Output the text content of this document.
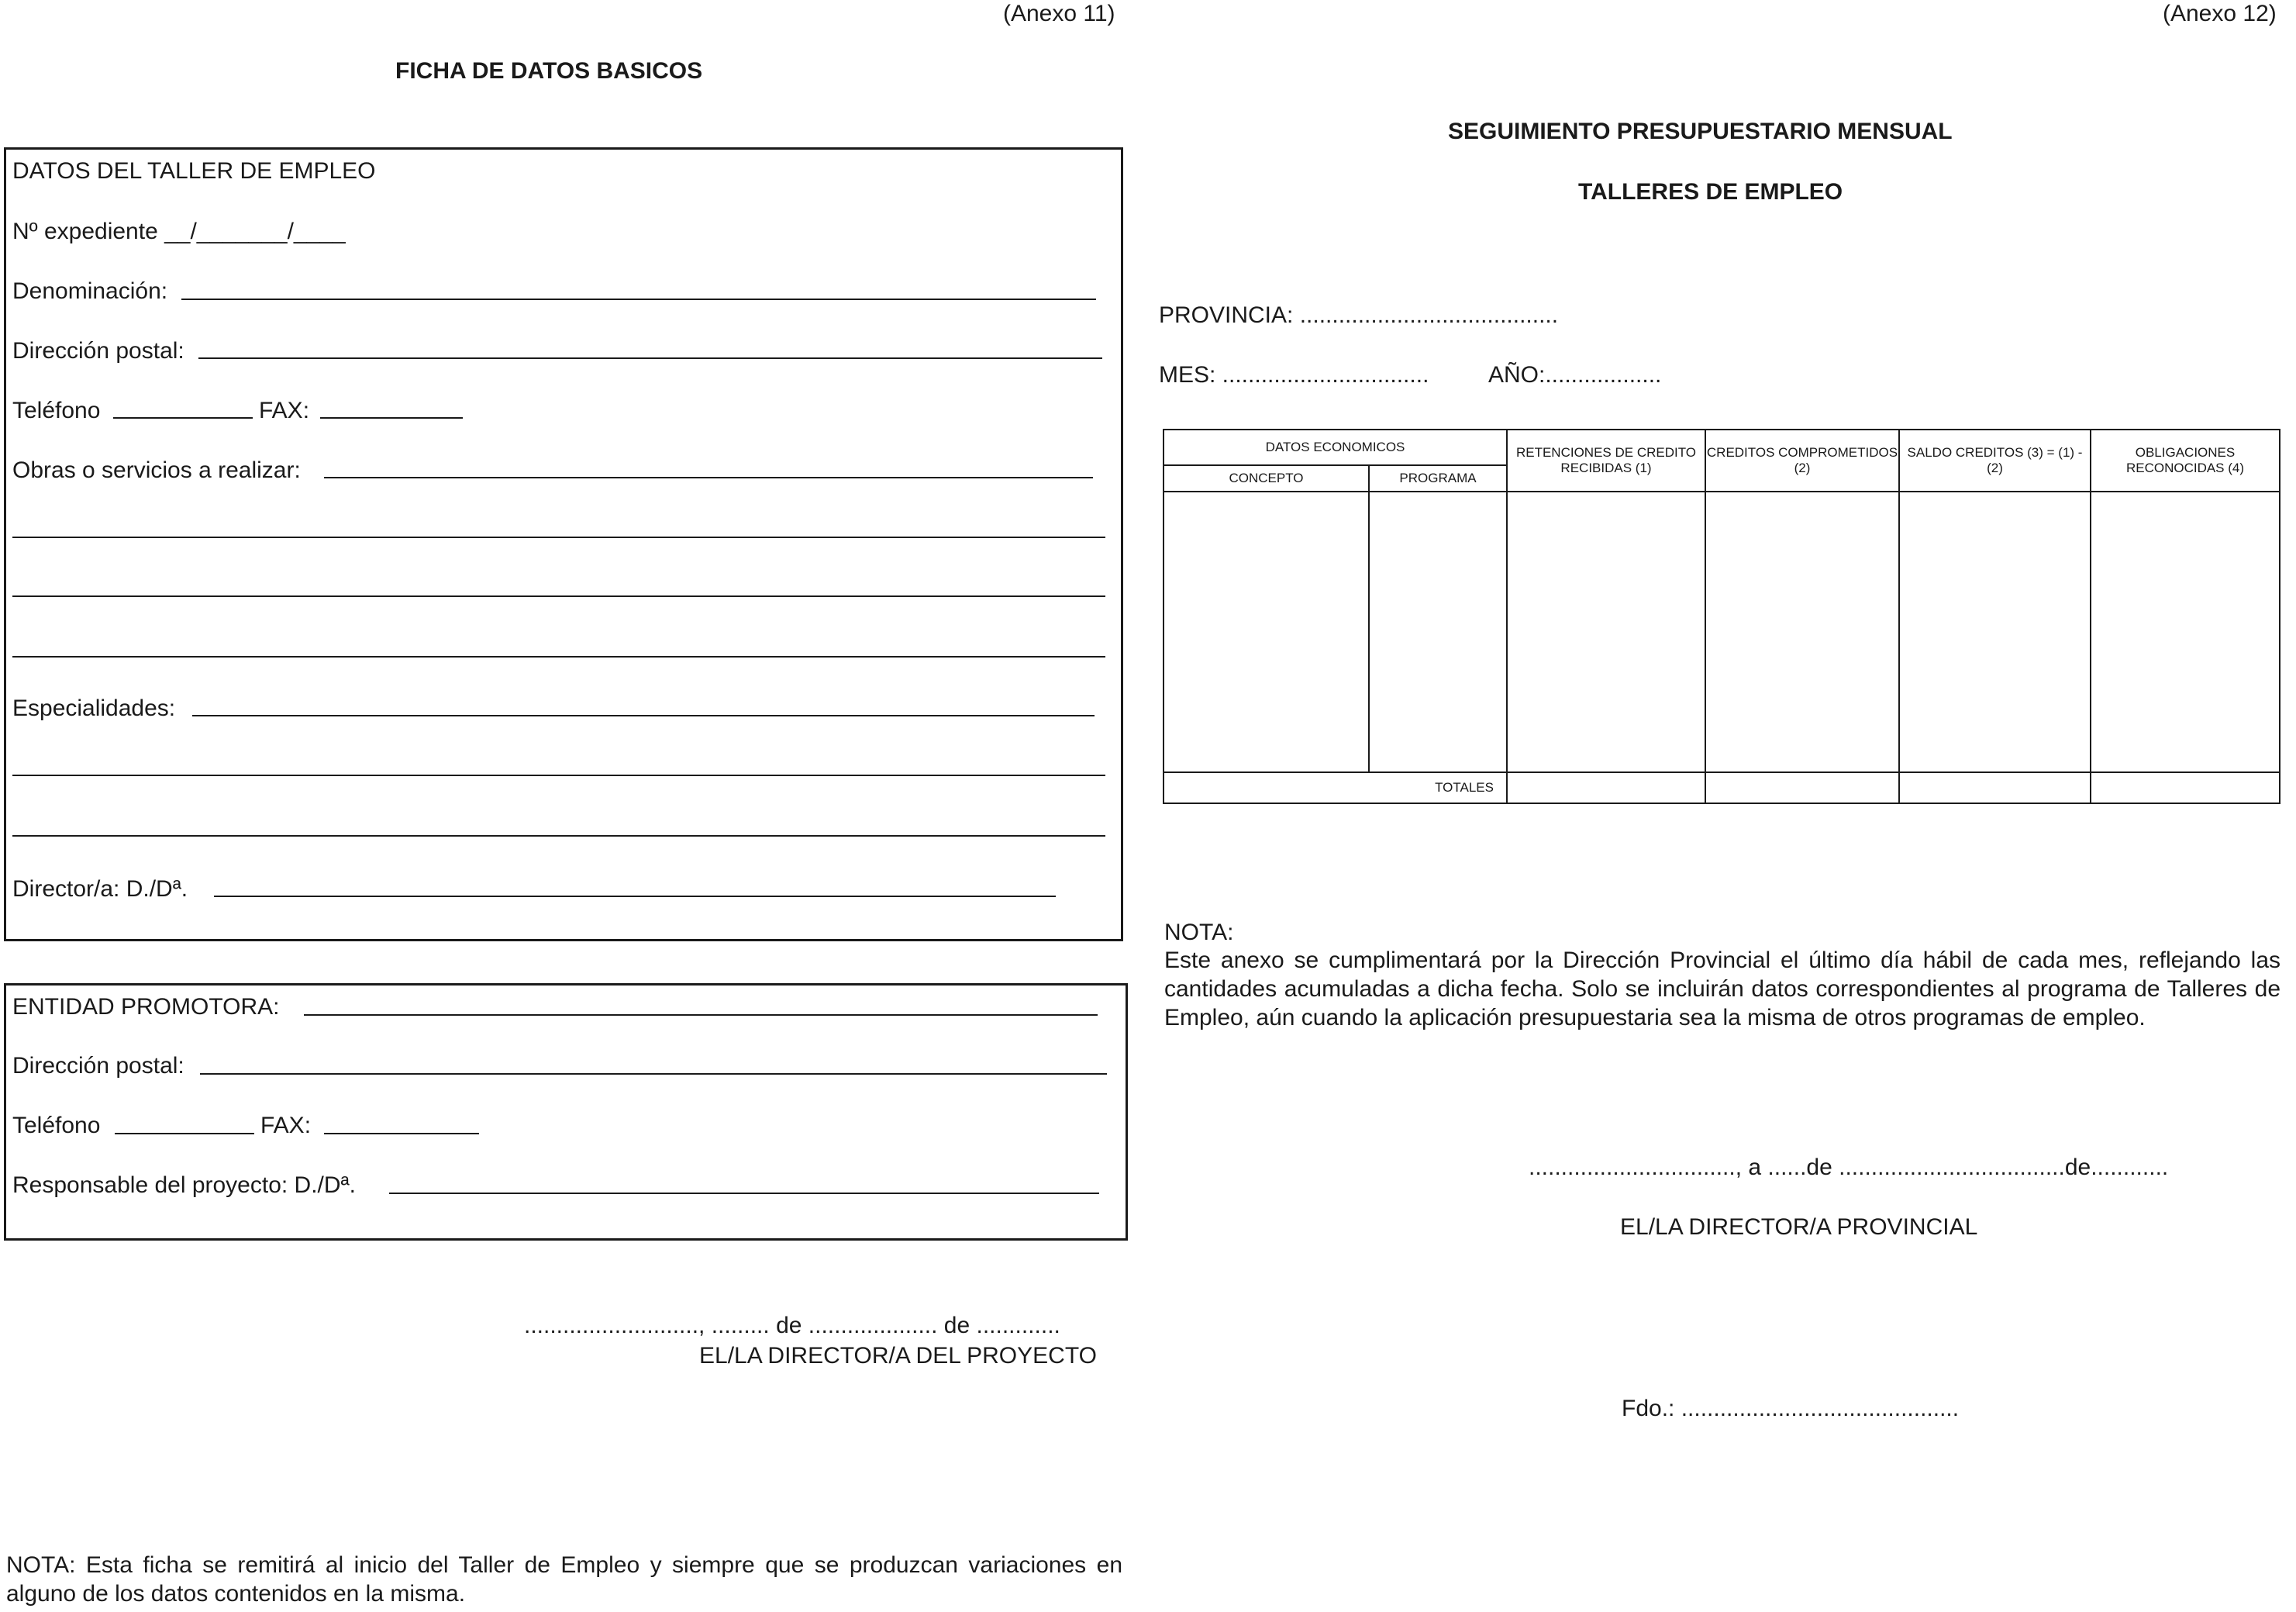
(Anexo 11)
FICHA DE DATOS BASICOS
DATOS DEL TALLER DE EMPLEO
Nº expediente __/_______/____
Denominación:
Dirección postal:
Teléfono	FAX:
Obras o servicios a realizar:
Especialidades:
Director/a: D./Dª.
ENTIDAD PROMOTORA:
Dirección postal:
Teléfono	FAX:
Responsable del proyecto: D./Dª.
..........................., ......... de .................... de .............
EL/LA DIRECTOR/A DEL PROYECTO
NOTA: Esta ficha se remitirá al inicio del Taller de Empleo y siempre que se produzcan variaciones en alguno de los datos contenidos en la misma.
(Anexo 12)
SEGUIMIENTO PRESUPUESTARIO MENSUAL
TALLERES DE EMPLEO
PROVINCIA: ........................................
MES: ................................	AÑO:..................
DATOS ECONOMICOS		RETENCIONES DE CREDITO RECIBIDAS (1)	CREDITOS COMPROMETIDOS (2)	SALDO CREDITOS (3) = (1) - (2)	OBLIGACIONES RECONOCIDAS (4)
CONCEPTO	PROGRAMA				

TOTALES					
NOTA:
Este anexo se cumplimentará por la Dirección Provincial el último día hábil de cada mes, reflejando las cantidades acumuladas a dicha fecha. Solo se incluirán datos correspondientes al programa de Talleres de Empleo, aún cuando la aplicación presupuestaria sea la misma de otros programas de empleo.
................................, a ......de ...................................de............
EL/LA DIRECTOR/A PROVINCIAL
Fdo.: ...........................................
